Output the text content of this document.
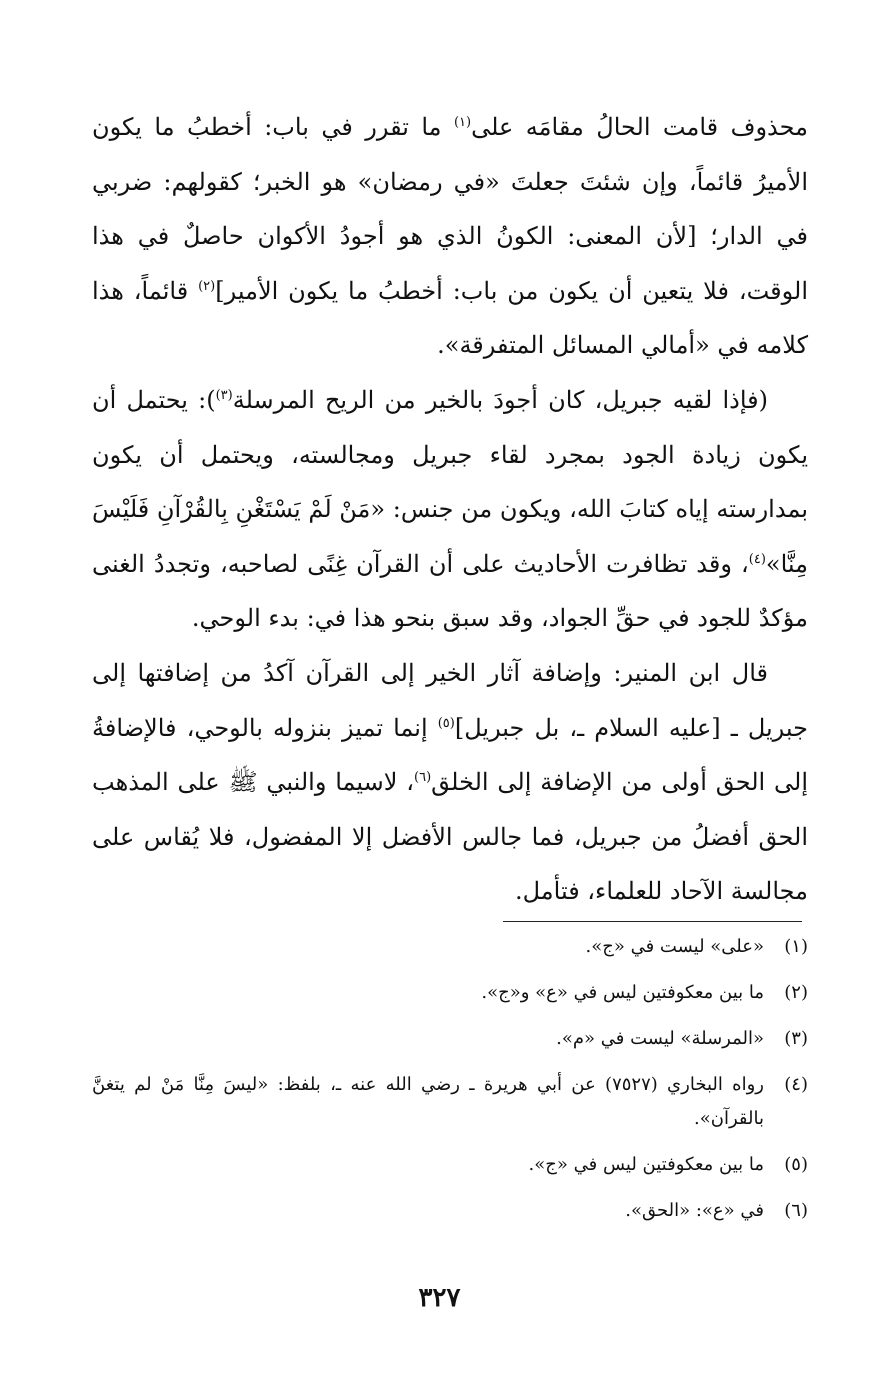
محذوف قامت الحالُ مقامَه على$^{(١)}$ ما تقرر في باب: أخطبُ ما يكون الأميرُ قائماً، وإن شئتَ جعلتَ «في رمضان» هو الخبر؛ كقولهم: ضربي في الدار؛ [لأن المعنى: الكونُ الذي هو أجودُ الأكوان حاصلٌ في هذا الوقت، فلا يتعين أن يكون من باب: أخطبُ ما يكون الأمير]$^{(٢)}$ قائماً، هذا كلامه في «أمالي المسائل المتفرقة».

(فإذا لقيه جبريل، كان أجودَ بالخير من الريح المرسلة$^{(٣)}$): يحتمل أن يكون زيادة الجود بمجرد لقاء جبريل ومجالسته، ويحتمل أن يكون بمدارسته إياه كتابَ الله، ويكون من جنس: «مَنْ لَمْ يَسْتَغْنِ بِالقُرْآنِ فَلَيْسَ مِنَّا»$^{(٤)}$، وقد تظافرت الأحاديث على أن القرآن غِنًى لصاحبه، وتجددُ الغنى مؤكدٌ للجود في حقِّ الجواد، وقد سبق بنحو هذا في: بدء الوحي.

قال ابن المنير: وإضافة آثار الخير إلى القرآن آكدُ من إضافتها إلى جبريل ـ [عليه السلام ـ، بل جبريل]$^{(٥)}$ إنما تميز بنزوله بالوحي، فالإضافةُ إلى الحق أولى من الإضافة إلى الخلق$^{(٦)}$، لاسيما والنبي ﷺ على المذهب الحق أفضلُ من جبريل، فما جالس الأفضل إلا المفضول، فلا يُقاس على مجالسة الآحاد للعلماء، فتأمل.

(١)
«على» ليست في «ج».
(٢)
ما بين معكوفتين ليس في «ع» و«ج».
(٣)
«المرسلة» ليست في «م».
(٤)
رواه البخاري (٧٥٢٧) عن أبي هريرة ـ رضي الله عنه ـ، بلفظ: «ليسَ مِنَّا مَنْ لم يتغنَّ بالقرآن».
(٥)
ما بين معكوفتين ليس في «ج».
(٦)
في «ع»: «الحق».
٣٢٧
